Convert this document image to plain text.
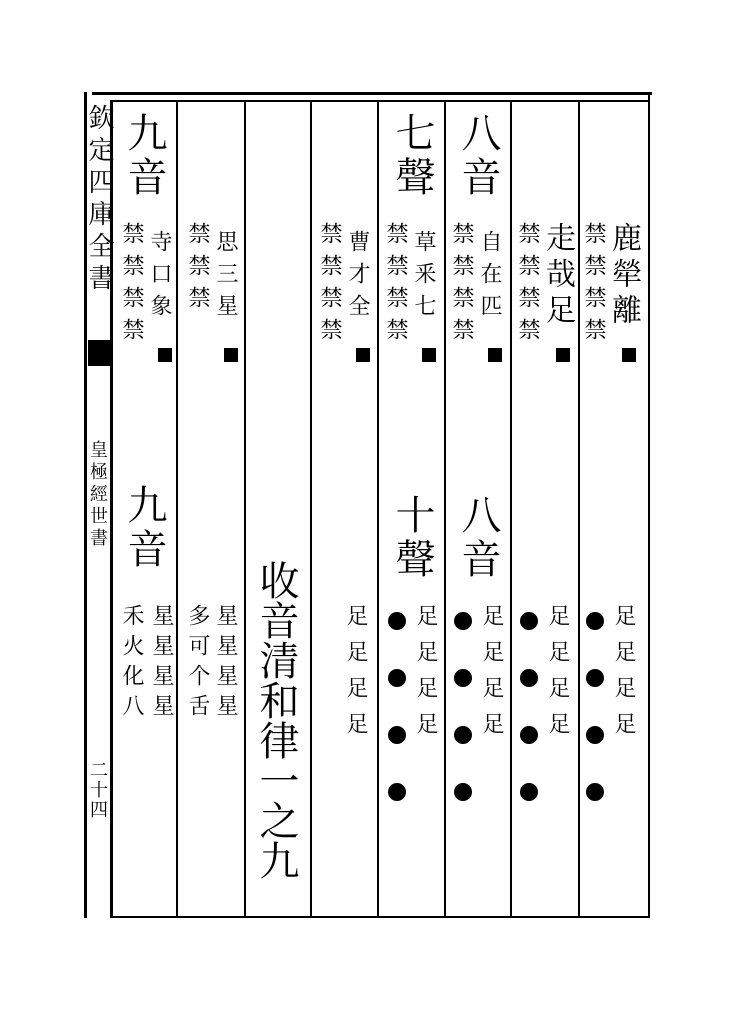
欽定四庫全書
皇極經世書
二十四
鹿犖離
禁禁禁禁
足足足足

走哉足
禁禁禁禁
足足足足

八音
自在匹
禁禁禁禁
八音
足足足足

七聲
草釆七
禁禁禁禁
十聲
足足足足

曹才全
禁禁禁禁
足足足足
收音清和律一之九
思三星
禁禁禁
星星星星
多可个舌
九音
寺口象
禁禁禁禁
九音
星星星星
禾火化八
